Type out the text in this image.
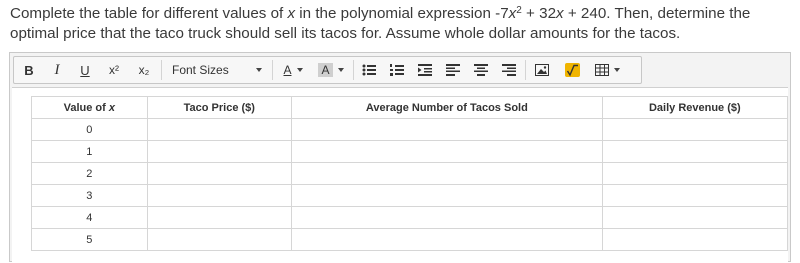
Complete the table for different values of x in the polynomial expression $-7x^2 + 32x + 240$. Then, determine the optimal price that the taco truck should sell its tacos for. Assume whole dollar amounts for the tacos.
B	I	U	x²	x₂	Font Sizes	A A
Value of x	Taco Price ($)	Average Number of Tacos Sold	Daily Revenue ($)
0			
1			
2			
3			
4			
5			
